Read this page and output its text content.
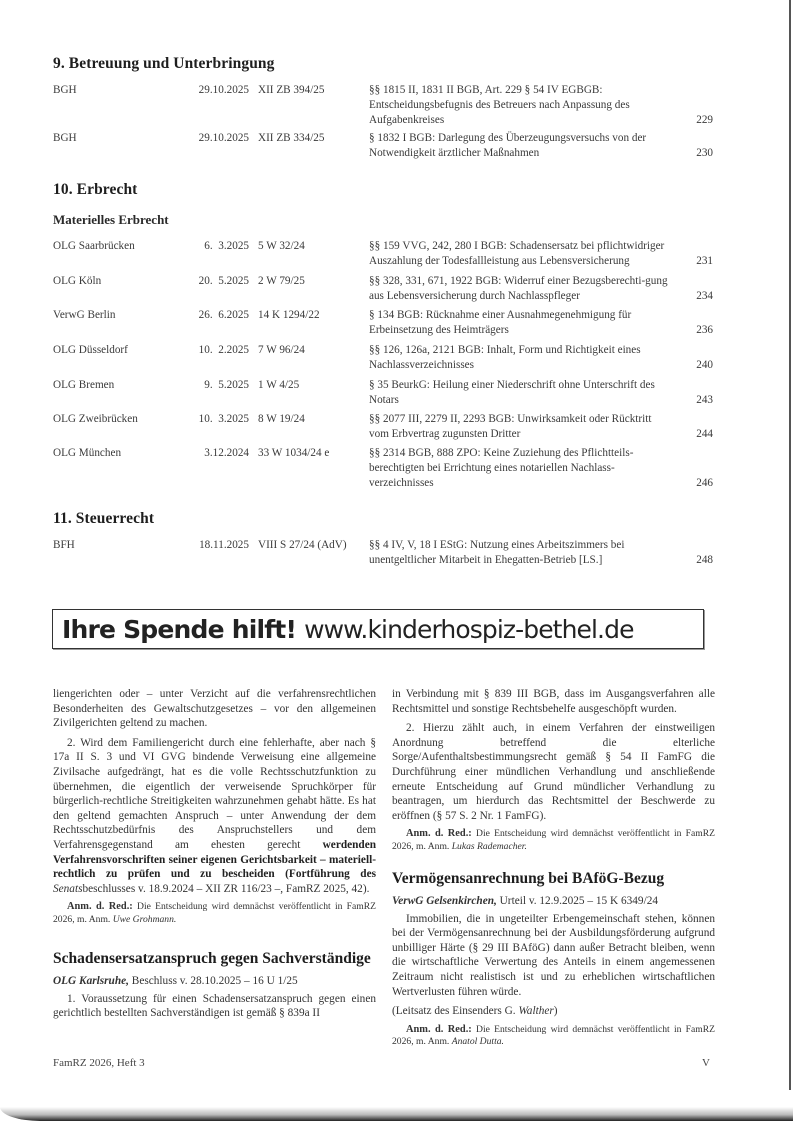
9. Betreuung und Unterbringung
BGH	29.10.2025 XII ZB 394/25	§§ 1815 II, 1831 II BGB, Art. 229 § 54 IV EGBGB: Entscheidungsbefugnis des Betreuers nach Anpassung des Aufgabenkreises	229
BGH	29.10.2025 XII ZB 334/25	§ 1832 I BGB: Darlegung des Überzeugungsversuchs von der Notwendigkeit ärztlicher Maßnahmen	230
10. Erbrecht
Materielles Erbrecht
OLG Saarbrücken	6.  3.2025 5 W 32/24	§§ 159 VVG, 242, 280 I BGB: Schadensersatz bei pflichtwidriger Auszahlung der Todesfallleistung aus Lebensversicherung	231
OLG Köln	20.  5.2025 2 W 79/25	§§ 328, 331, 671, 1922 BGB: Widerruf einer Bezugsberechti-gung aus Lebensversicherung durch Nachlasspfleger	234
VerwG Berlin	26.  6.2025 14 K 1294/22	§ 134 BGB: Rücknahme einer Ausnahmegenehmigung für Erbeinsetzung des Heimträgers	236
OLG Düsseldorf	10.  2.2025 7 W 96/24	§§ 126, 126a, 2121 BGB: Inhalt, Form und Richtigkeit eines Nachlassverzeichnisses	240
OLG Bremen	9.  5.2025 1 W 4/25	§ 35 BeurkG: Heilung einer Niederschrift ohne Unterschrift des Notars	243
OLG Zweibrücken	10.  3.2025 8 W 19/24	§§ 2077 III, 2279 II, 2293 BGB: Unwirksamkeit oder Rücktritt vom Erbvertrag zugunsten Dritter	244
OLG München	3.12.2024 33 W 1034/24 e	§§ 2314 BGB, 888 ZPO: Keine Zuziehung des Pflichtteils-berechtigten bei Errichtung eines notariellen Nachlass-verzeichnisses	246
11. Steuerrecht
BFH	18.11.2025 VIII S 27/24 (AdV)	§§ 4 IV, V, 18 I EStG: Nutzung eines Arbeitszimmers bei unentgeltlicher Mitarbeit in Ehegatten-Betrieb [LS.]	248
Ihre Spende hilft! www.kinderhospiz-bethel.de

liengerichten oder – unter Verzicht auf die verfahrensrechtlichen Besonderheiten des Gewaltschutzgesetzes – vor den allgemeinen Zivilgerichten geltend zu machen.

2. Wird dem Familiengericht durch eine fehlerhafte, aber nach § 17a II S. 3 und VI GVG bindende Verweisung eine allgemeine Zivilsache aufgedrängt, hat es die volle Rechtsschutzfunktion zu übernehmen, die eigentlich der verweisende Spruchkörper für bürgerlich-rechtliche Streitigkeiten wahrzunehmen gehabt hätte. Es hat den geltend gemachten Anspruch – unter Anwendung der dem Rechtsschutzbedürfnis des Anspruchstellers und dem Verfahrensgegenstand am ehesten gerecht werdenden Verfahrensvorschriften seiner eigenen Gerichtsbarkeit – materiell-rechtlich zu prüfen und zu bescheiden (Fortführung des Senatsbeschlusses v. 18.9.2024 – XII ZR 116/23 –, FamRZ 2025, 42).

Anm. d. Red.: Die Entscheidung wird demnächst veröffentlicht in FamRZ 2026, m. Anm. Uwe Grohmann.

Schadensersatzanspruch gegen Sachverständige

OLG Karlsruhe, Beschluss v. 28.10.2025 – 16 U 1/25

1. Voraussetzung für einen Schadensersatzanspruch gegen einen gerichtlich bestellten Sachverständigen ist gemäß § 839a II

in Verbindung mit § 839 III BGB, dass im Ausgangsverfahren alle Rechtsmittel und sonstige Rechtsbehelfe ausgeschöpft wurden.

2. Hierzu zählt auch, in einem Verfahren der einstweiligen Anordnung betreffend die elterliche Sorge/Aufenthaltsbestimmungsrecht gemäß § 54 II FamFG die Durchführung einer mündlichen Verhandlung und anschließende erneute Entscheidung auf Grund mündlicher Verhandlung zu beantragen, um hierdurch das Rechtsmittel der Beschwerde zu eröffnen (§ 57 S. 2 Nr. 1 FamFG).

Anm. d. Red.: Die Entscheidung wird demnächst veröffentlicht in FamRZ 2026, m. Anm. Lukas Rademacher.

Vermögensanrechnung bei BAföG-Bezug

VerwG Gelsenkirchen, Urteil v. 12.9.2025 – 15 K 6349/24

Immobilien, die in ungeteilter Erbengemeinschaft stehen, können bei der Vermögensanrechnung bei der Ausbildungsförderung aufgrund unbilliger Härte (§ 29 III BAföG) dann außer Betracht bleiben, wenn die wirtschaftliche Verwertung des Anteils in einem angemessenen Zeitraum nicht realistisch ist und zu erheblichen wirtschaftlichen Wertverlusten führen würde.

(Leitsatz des Einsenders G. Walther)

Anm. d. Red.: Die Entscheidung wird demnächst veröffentlicht in FamRZ 2026, m. Anm. Anatol Dutta.

FamRZ 2026, Heft 3	V
